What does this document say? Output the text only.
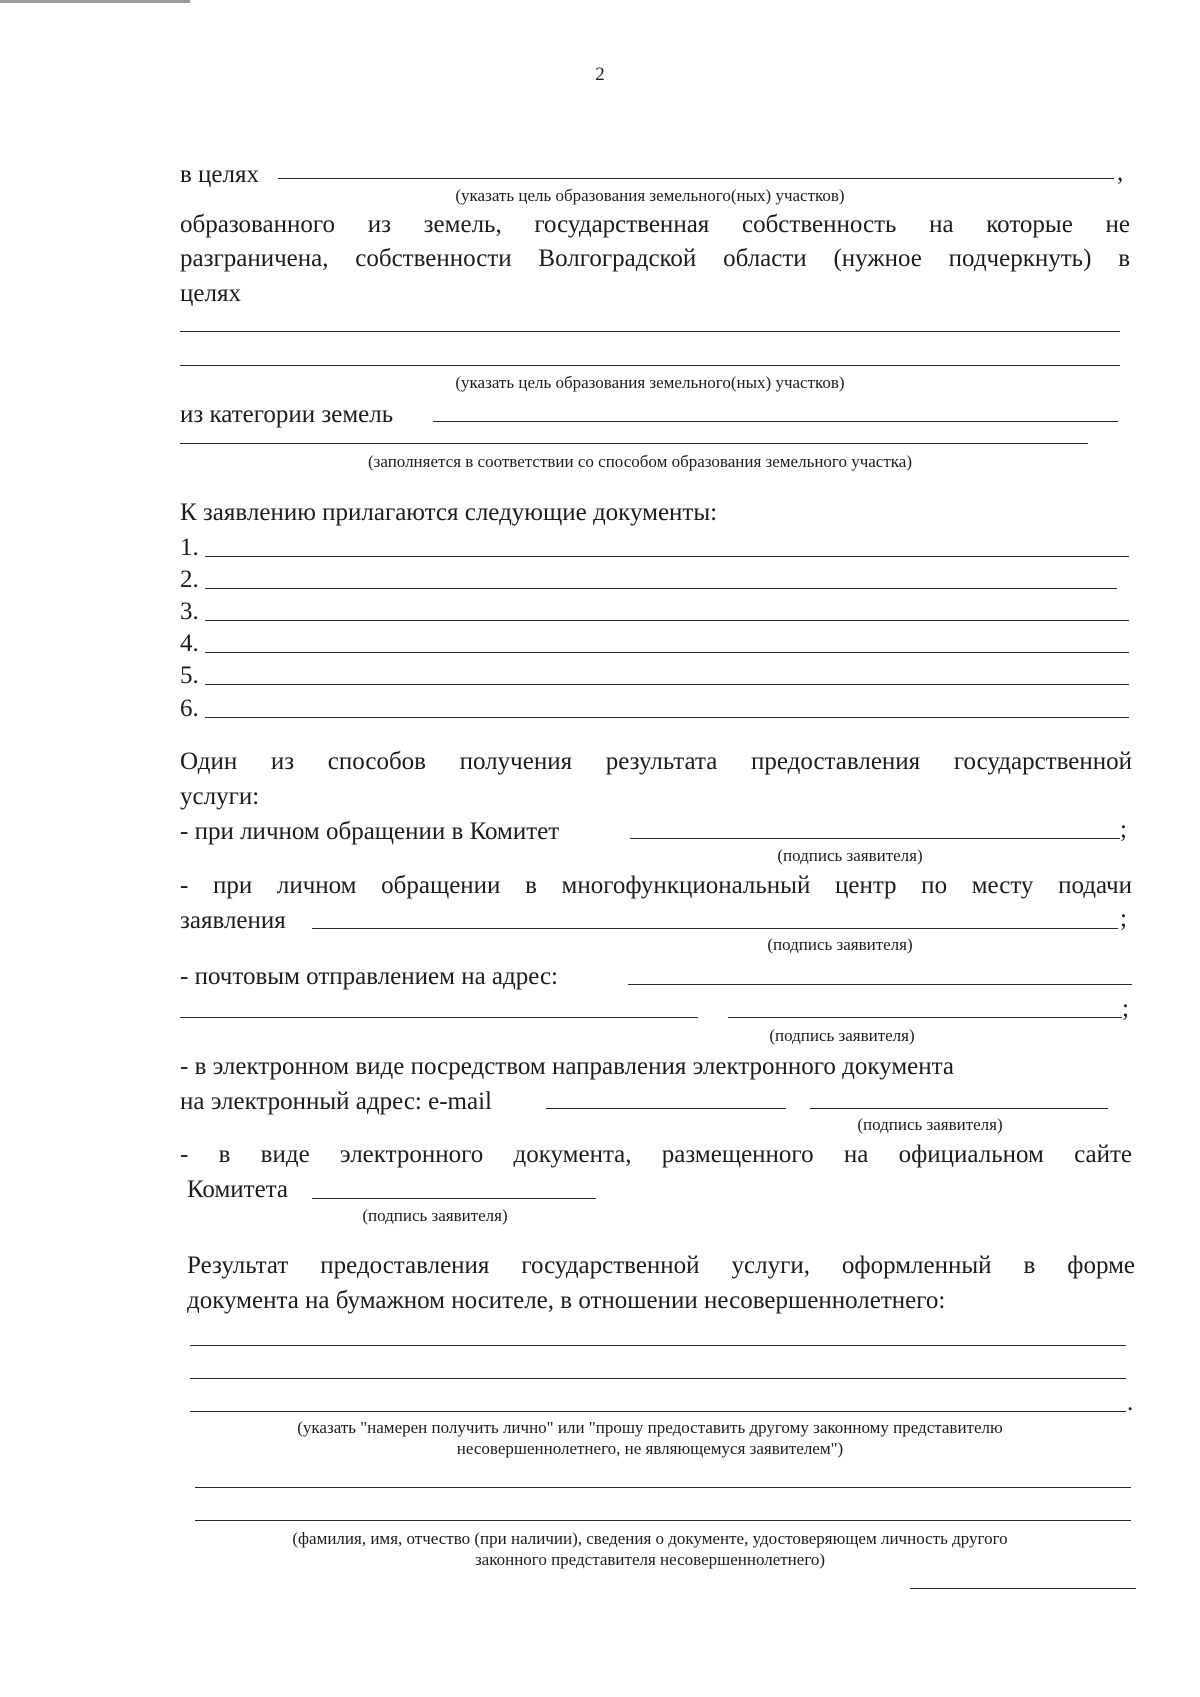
2
в целях	,
(указать цель образования земельного(ных) участков)
образованного из земель, государственная собственность на которые не
разграничена, собственности Волгоградской области (нужное подчеркнуть) в
целях
(указать цель образования земельного(ных) участков)
из категории земель
(заполняется в соответствии со способом образования земельного участка)
К заявлению прилагаются следующие документы:
1.
2.
3.
4.
5.
6.
Один из способов получения результата предоставления государственной
услуги:
- при личном обращении в Комитет	;
(подпись заявителя)
- при личном обращении в многофункциональный центр по месту подачи
заявления	;
(подпись заявителя)
- почтовым отправлением на адрес:
;
(подпись заявителя)
- в электронном виде посредством направления электронного документа
на электронный адрес: e-mail
(подпись заявителя)
- в виде электронного документа, размещенного на официальном сайте
Комитета
(подпись заявителя)
Результат предоставления государственной услуги, оформленный в форме
документа на бумажном носителе, в отношении несовершеннолетнего:
.
(указать "намерен получить лично" или "прошу предоставить другому законному представителю
несовершеннолетнего, не являющемуся заявителем")
(фамилия, имя, отчество (при наличии), сведения о документе, удостоверяющем личность другого
законного представителя несовершеннолетнего)
